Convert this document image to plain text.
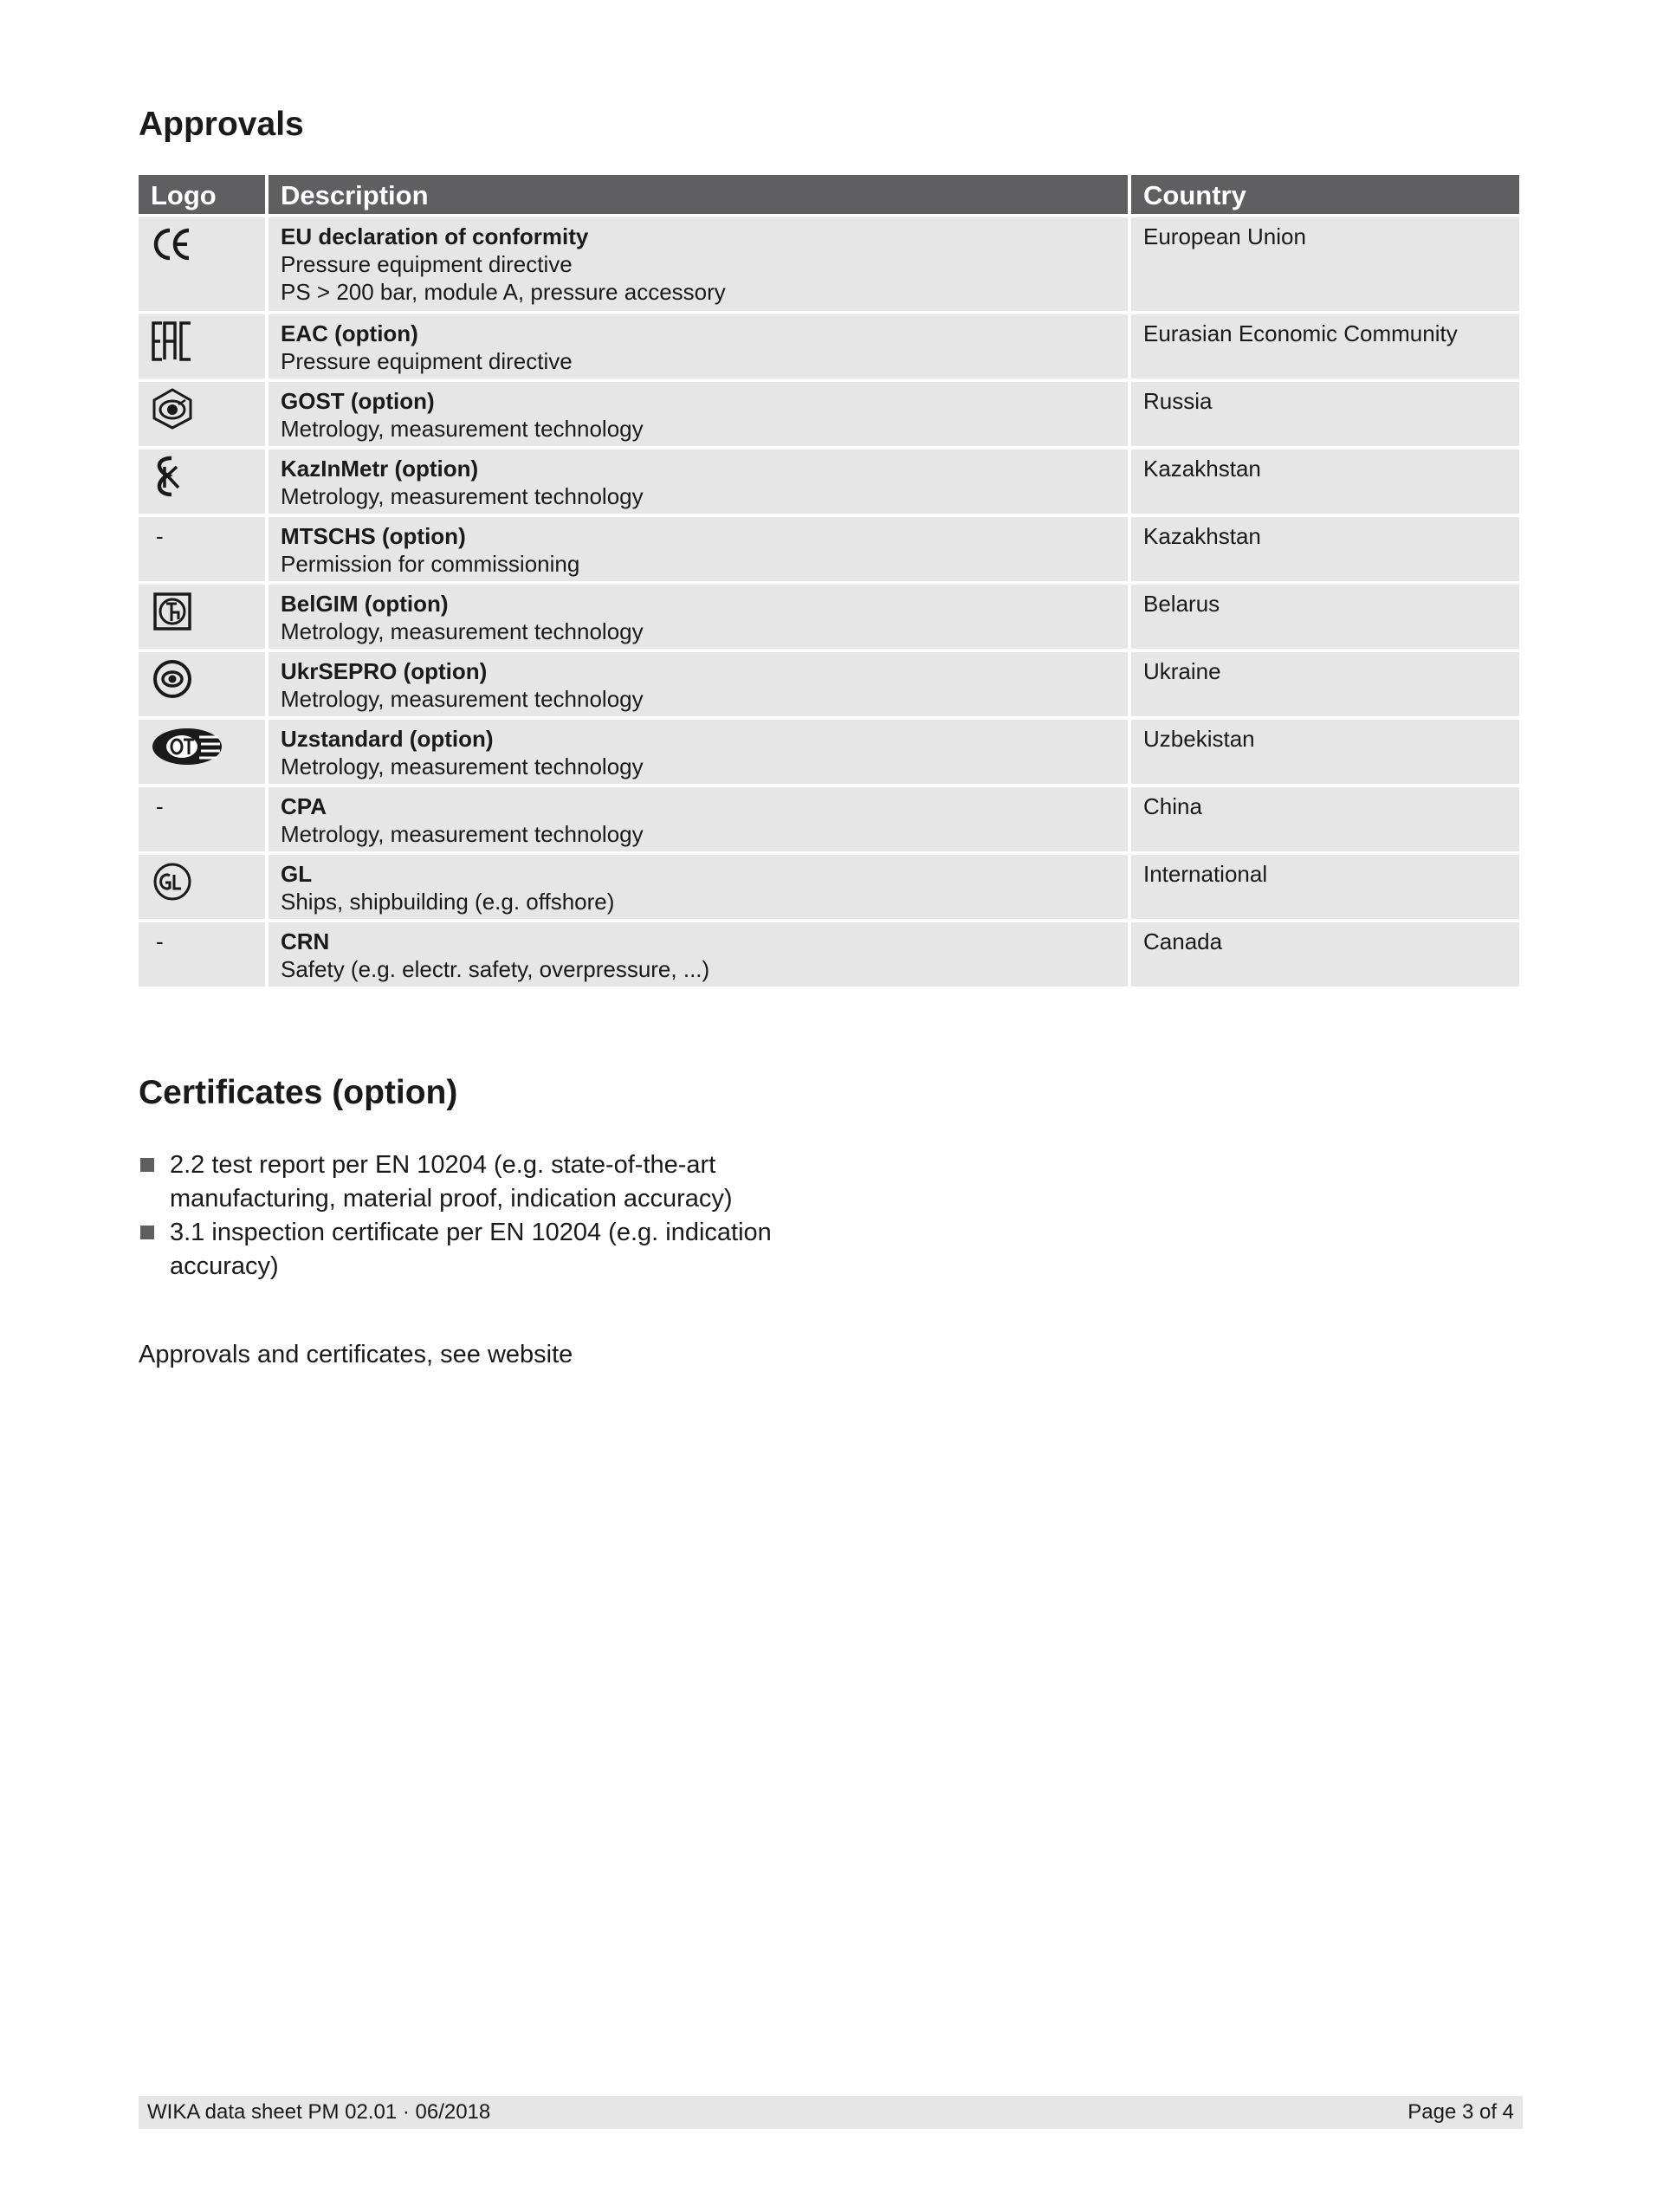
Approvals
Logo	Description	Country

EU declaration of conformity
Pressure equipment directive
PS > 200 bar, module A, pressure accessory	European Union

EAC (option)
Pressure equipment directive	Eurasian Economic Community

GOST (option)
Metrology, measurement technology	Russia

KazInMetr (option)
Metrology, measurement technology	Kazakhstan

-	MTSCHS (option)
Permission for commissioning	Kazakhstan

BelGIM (option)
Metrology, measurement technology	Belarus

UkrSEPRO (option)
Metrology, measurement technology	Ukraine

Uzstandard (option)
Metrology, measurement technology	Uzbekistan

-	CPA
Metrology, measurement technology	China

GL
Ships, shipbuilding (e.g. offshore)	International

-	CRN
Safety (e.g. electr. safety, overpressure, ...)	Canada
Certificates (option)
2.2 test report per EN 10204 (e.g. state-of-the-art manufacturing, material proof, indication accuracy)
3.1 inspection certificate per EN 10204 (e.g. indication accuracy)
Approvals and certificates, see website
WIKA data sheet PM 02.01 · 06/2018	Page 3 of 4
